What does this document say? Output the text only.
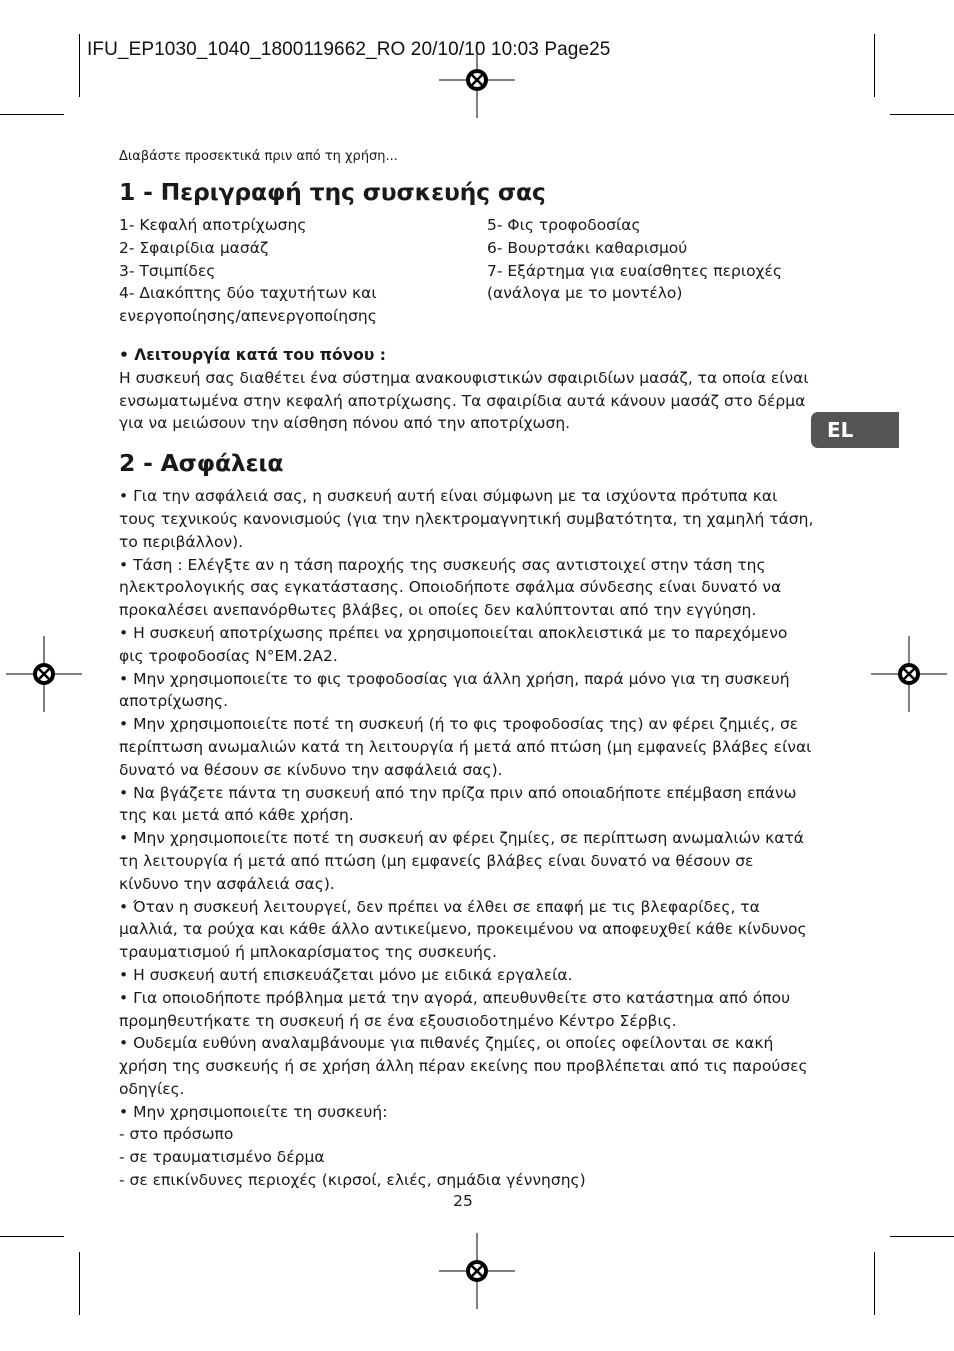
IFU_EP1030_1040_1800119662_RO 20/10/10 10:03 Page25
EL

Διαβάστε προσεκτικά πριν από τη χρήση...

1 - Περιγραφή της συσκευής σας
1- Κεφαλή αποτρίχωσης
2- Σφαιρίδια μασάζ
3- Τσιμπίδες
4- Διακόπτης δύο ταχυτήτων και ενεργοποίησης/απενεργοποίησης
5- Φις τροφοδοσίας
6- Βουρτσάκι καθαρισμού
7- Εξάρτημα για ευαίσθητες περιοχές (ανάλογα με το μοντέλο)

• Λειτουργία κατά του πόνου :

Η συσκευή σας διαθέτει ένα σύστημα ανακουφιστικών σφαιριδίων μασάζ, τα οποία είναι ενσωματωμένα στην κεφαλή αποτρίχωσης. Τα σφαιρίδια αυτά κάνουν μασάζ στο δέρμα για να μειώσουν την αίσθηση πόνου από την αποτρίχωση.

2 - Ασφάλεια

• Για την ασφάλειά σας, η συσκευή αυτή είναι σύμφωνη με τα ισχύοντα πρότυπα και τους τεχνικούς κανονισμούς (για την ηλεκτρομαγνητική συμβατότητα, τη χαμηλή τάση, το περιβάλλον).

• Τάση : Ελέγξτε αν η τάση παροχής της συσκευής σας αντιστοιχεί στην τάση της ηλεκτρολογικής σας εγκατάστασης. Οποιοδήποτε σφάλμα σύνδεσης είναι δυνατό να προκαλέσει ανεπανόρθωτες βλάβες, οι οποίες δεν καλύπτονται από την εγγύηση.

• Η συσκευή αποτρίχωσης πρέπει να χρησιμοποιείται αποκλειστικά με το παρεχόμενο φις τροφοδοσίας N°EM.2A2.

• Μην χρησιμοποιείτε το φις τροφοδοσίας για άλλη χρήση, παρά μόνο για τη συσκευή αποτρίχωσης.

• Μην χρησιμοποιείτε ποτέ τη συσκευή (ή το φις τροφοδοσίας της) αν φέρει ζημιές, σε περίπτωση ανωμαλιών κατά τη λειτουργία ή μετά από πτώση (μη εμφανείς βλάβες είναι δυνατό να θέσουν σε κίνδυνο την ασφάλειά σας).

• Να βγάζετε πάντα τη συσκευή από την πρίζα πριν από οποιαδήποτε επέμβαση επάνω της και μετά από κάθε χρήση.

• Μην χρησιμοποιείτε ποτέ τη συσκευή αν φέρει ζημίες, σε περίπτωση ανωμαλιών κατά τη λειτουργία ή μετά από πτώση (μη εμφανείς βλάβες είναι δυνατό να θέσουν σε κίνδυνο την ασφάλειά σας).

• Όταν η συσκευή λειτουργεί, δεν πρέπει να έλθει σε επαφή με τις βλεφαρίδες, τα μαλλιά, τα ρούχα και κάθε άλλο αντικείμενο, προκειμένου να αποφευχθεί κάθε κίνδυνος τραυματισμού ή μπλοκαρίσματος της συσκευής.

• Η συσκευή αυτή επισκευάζεται μόνο με ειδικά εργαλεία.

• Για οποιοδήποτε πρόβλημα μετά την αγορά, απευθυνθείτε στο κατάστημα από όπου προμηθευτήκατε τη συσκευή ή σε ένα εξουσιοδοτημένο Κέντρο Σέρβις.

• Ουδεμία ευθύνη αναλαμβάνουμε για πιθανές ζημίες, οι οποίες οφείλονται σε κακή χρήση της συσκευής ή σε χρήση άλλη πέραν εκείνης που προβλέπεται από τις παρούσες οδηγίες.

• Μην χρησιμοποιείτε τη συσκευή:

- στο πρόσωπο

- σε τραυματισμένο δέρμα

- σε επικίνδυνες περιοχές (κιρσοί, ελιές, σημάδια γέννησης)

25
